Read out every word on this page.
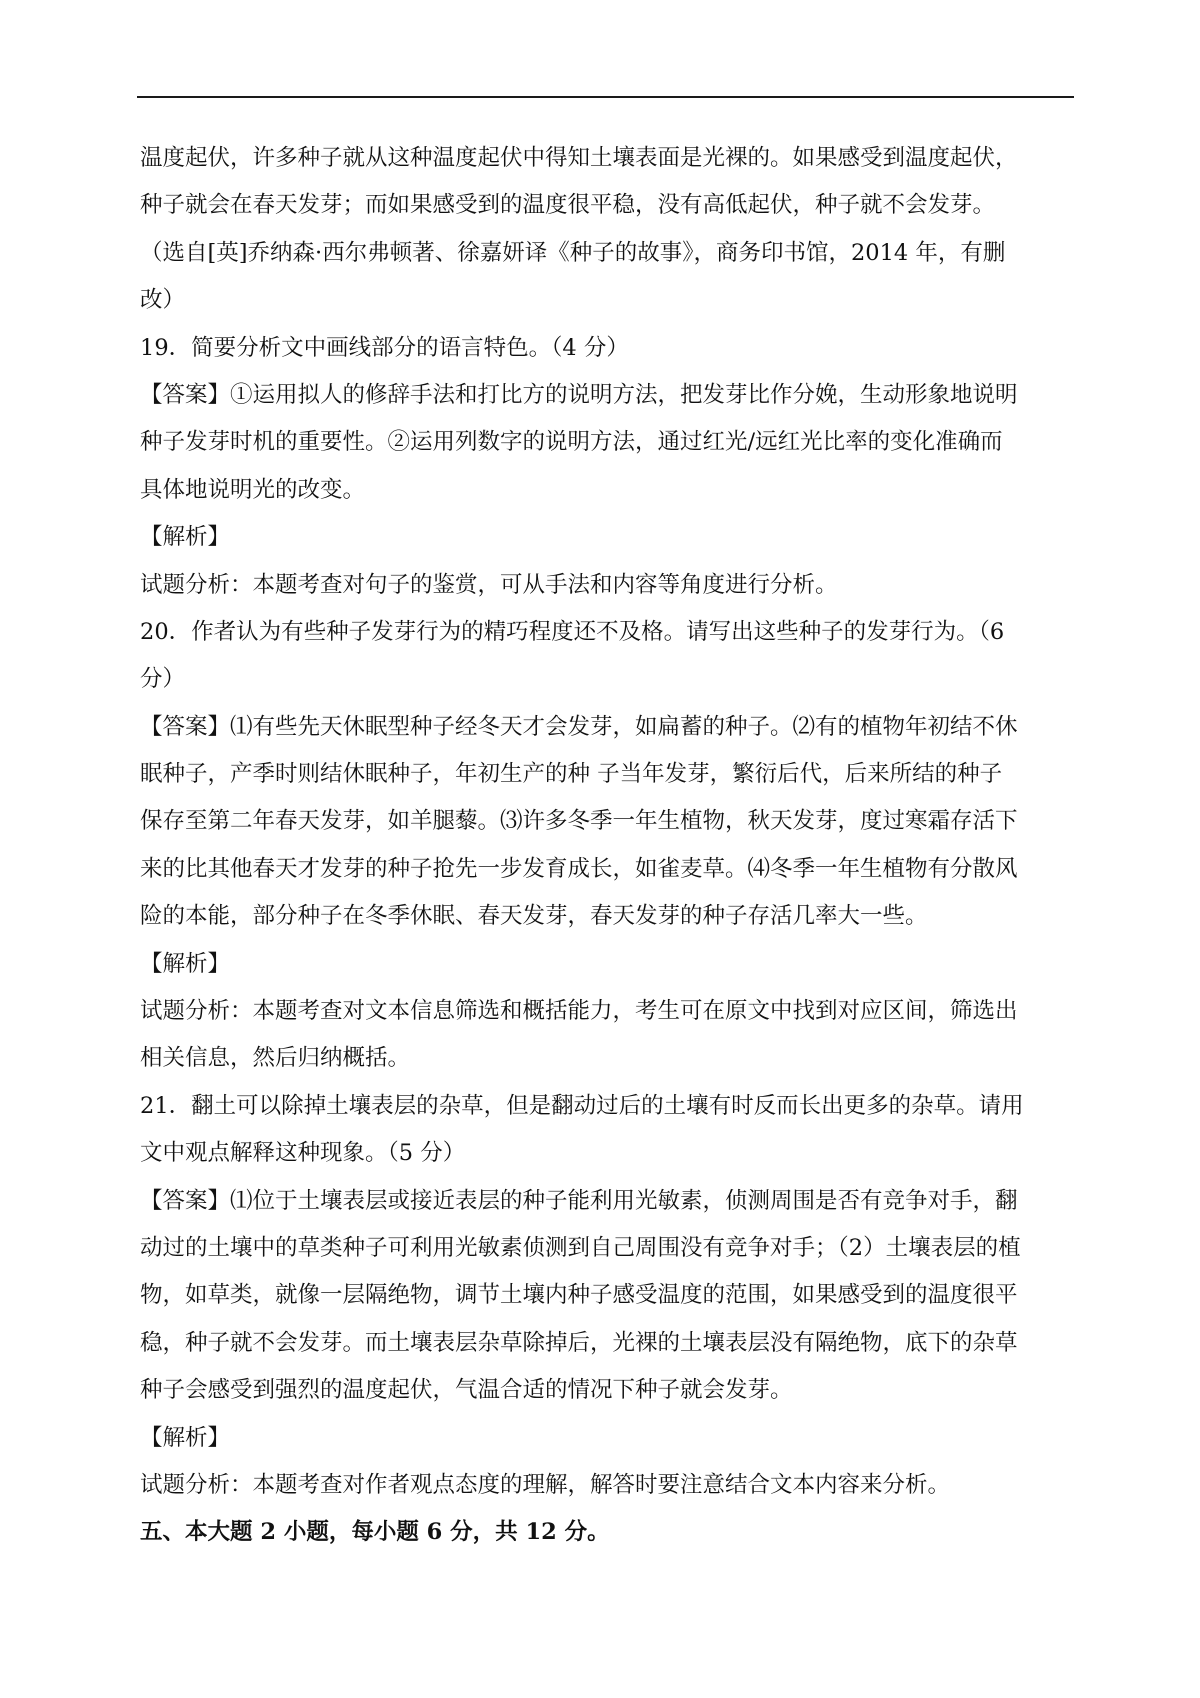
温度起伏，许多种子就从这种温度起伏中得知土壤表面是光裸的。如果感受到温度起伏，
种子就会在春天发芽；而如果感受到的温度很平稳，没有高低起伏，种子就不会发芽。
（选自[英]乔纳森·西尔弗顿著、徐嘉妍译《种子的故事》，商务印书馆，2014 年，有删
改）
19．简要分析文中画线部分的语言特色。（4 分）
【答案】①运用拟人的修辞手法和打比方的说明方法，把发芽比作分娩，生动形象地说明
种子发芽时机的重要性。②运用列数字的说明方法，通过红光/远红光比率的变化准确而
具体地说明光的改变。
【解析】
试题分析：本题考查对句子的鉴赏，可从手法和内容等角度进行分析。
20．作者认为有些种子发芽行为的精巧程度还不及格。请写出这些种子的发芽行为。（6
分）
【答案】⑴有些先天休眠型种子经冬天才会发芽，如扁蓄的种子。⑵有的植物年初结不休
眠种子，产季时则结休眠种子，年初生产的种 子当年发芽，繁衍后代，后来所结的种子
保存至第二年春天发芽，如羊腿藜。⑶许多冬季一年生植物，秋天发芽，度过寒霜存活下
来的比其他春天才发芽的种子抢先一步发育成长，如雀麦草。⑷冬季一年生植物有分散风
险的本能，部分种子在冬季休眠、春天发芽，春天发芽的种子存活几率大一些。
【解析】
试题分析：本题考查对文本信息筛选和概括能力，考生可在原文中找到对应区间，筛选出
相关信息，然后归纳概括。
21．翻土可以除掉土壤表层的杂草，但是翻动过后的土壤有时反而长出更多的杂草。请用
文中观点解释这种现象。（5 分）
【答案】⑴位于土壤表层或接近表层的种子能利用光敏素，侦测周围是否有竞争对手，翻
动过的土壤中的草类种子可利用光敏素侦测到自己周围没有竞争对手；（2）土壤表层的植
物，如草类，就像一层隔绝物，调节土壤内种子感受温度的范围，如果感受到的温度很平
稳，种子就不会发芽。而土壤表层杂草除掉后，光裸的土壤表层没有隔绝物，底下的杂草
种子会感受到强烈的温度起伏，气温合适的情况下种子就会发芽。
【解析】
试题分析：本题考查对作者观点态度的理解，解答时要注意结合文本内容来分析。
五、本大题 2 小题，每小题 6 分，共 12 分。
